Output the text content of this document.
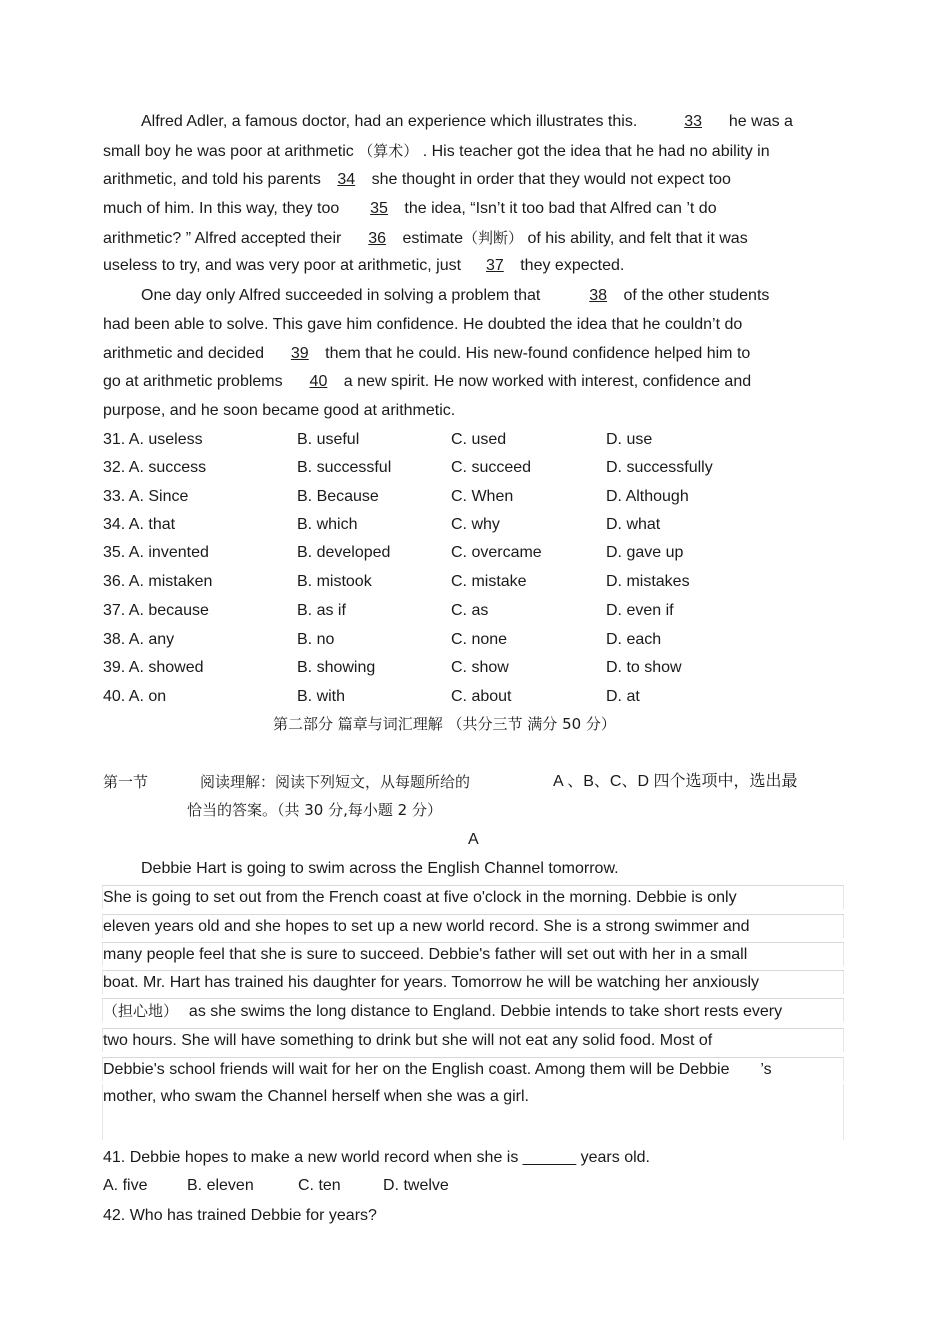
Alfred Adler, a famous doctor, had an experience which illustrates this.	33 he was a
small boy he was poor at arithmetic （算术） . His teacher got the idea that he had no ability in
arithmetic, and told his parents 34 she thought in order that they would not expect too
much of him. In this way, they too 35 the idea, “Isn’t it too bad that Alfred can ’t do
arithmetic? ” Alfred accepted their 36 estimate（判断） of his ability, and felt that it was
useless to try, and was very poor at arithmetic, just 37 they expected.
One day only Alfred succeeded in solving a problem that	38 of the other students
had been able to solve. This gave him confidence. He doubted the idea that he couldn’t do
arithmetic and decided 39 them that he could. His new-found confidence helped him to
go at arithmetic problems 40 a new spirit. He now worked with interest, confidence and
purpose, and he soon became good at arithmetic.
31. A. useless	B. useful	C. used	D. use
32. A. success	B. successful	C. succeed	D. successfully
33. A. Since	B. Because	C. When	D. Although
34. A. that	B. which	C. why	D. what
35. A. invented	B. developed	C. overcame	D. gave up
36. A. mistaken	B. mistook	C. mistake	D. mistakes
37. A. because	B. as if	C. as	D. even if
38. A. any	B. no	C. none	D. each
39. A. showed	B. showing	C. show	D. to show
40. A. on	B. with	C. about	D. at
第二部分 篇章与词汇理解 （共分三节 满分 50 分）
第一节	阅读理解：阅读下列短文，从每题所给的	A 、B、C、D 四个选项中，选出最
恰当的答案。（共 30 分,每小题 2 分）
A
Debbie Hart is going to swim across the English Channel tomorrow.
She is going to set out from the French coast at five o'clock in the morning. Debbie is only
eleven years old and she hopes to set up a new world record. She is a strong swimmer and
many people feel that she is sure to succeed. Debbie's father will set out with her in a small
boat. Mr. Hart has trained his daughter for years. Tomorrow he will be watching her anxiously
（担心地） as she swims the long distance to England. Debbie intends to take short rests every
two hours. She will have something to drink but she will not eat any solid food. Most of
Debbie's school friends will wait for her on the English coast. Among them will be Debbie ’s
mother, who swam the Channel herself when she was a girl.
41. Debbie hopes to make a new world record when she is ______ years old.
A. five B. eleven	C. ten	D. twelve
42. Who has trained Debbie for years?
